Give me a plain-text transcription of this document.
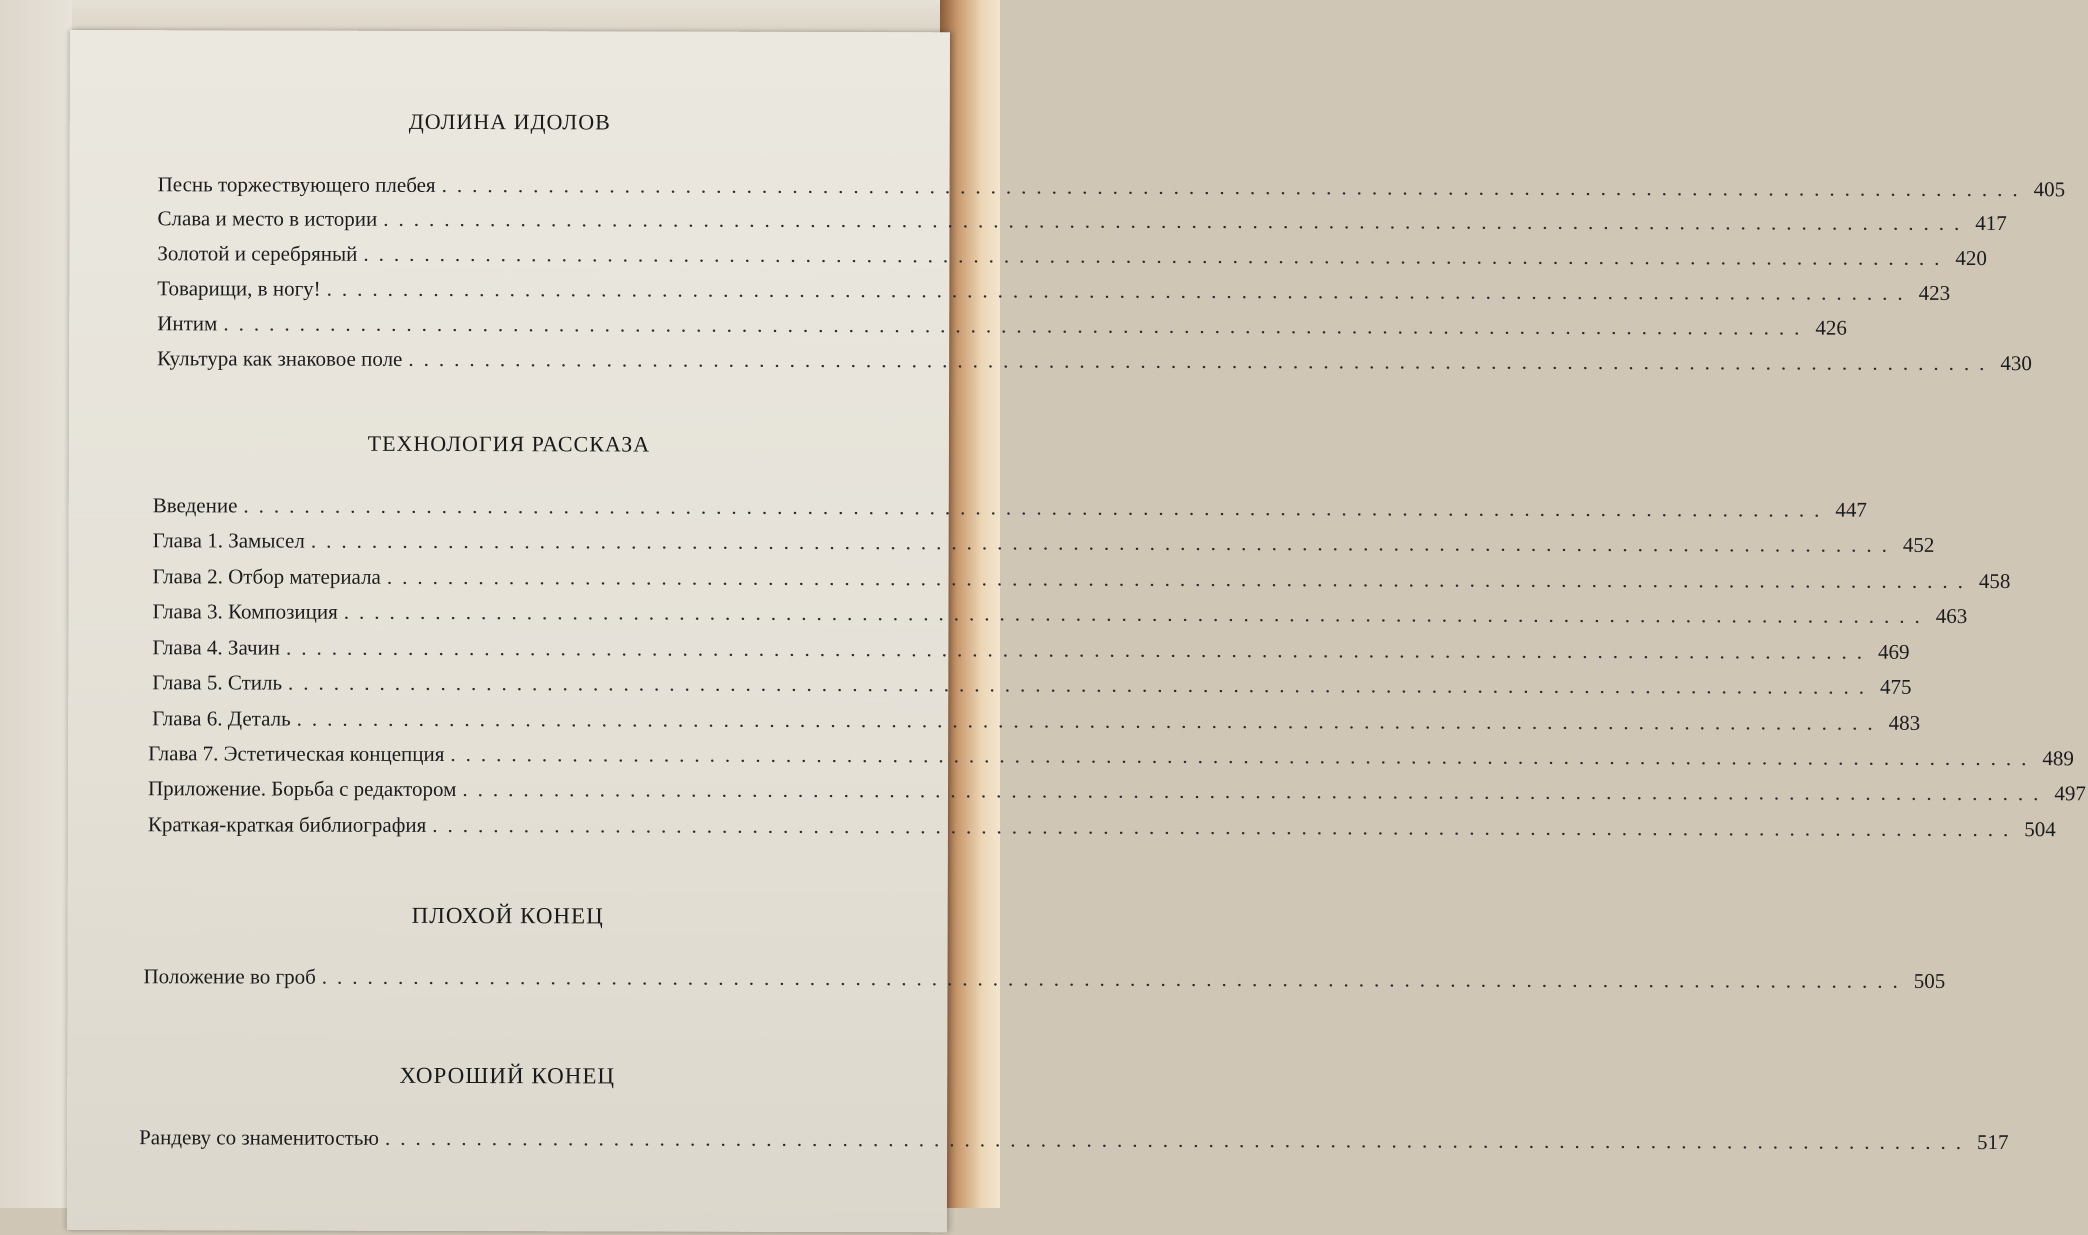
ДОЛИНА ИДОЛОВ
Песнь торжествующего плебея ........................................................................................................ 405
Слава и место в истории ........................................................................................................ 417
Золотой и серебряный ........................................................................................................ 420
Товарищи, в ногу! ........................................................................................................ 423
Интим ........................................................................................................ 426
Культура как знаковое поле ........................................................................................................ 430
ТЕХНОЛОГИЯ РАССКАЗА
Введение ........................................................................................................ 447
Глава 1. Замысел ........................................................................................................ 452
Глава 2. Отбор материала ........................................................................................................ 458
Глава 3. Композиция ........................................................................................................ 463
Глава 4. Зачин ........................................................................................................ 469
Глава 5. Стиль ........................................................................................................ 475
Глава 6. Деталь ........................................................................................................ 483
Глава 7. Эстетическая концепция ........................................................................................................ 489
Приложение. Борьба с редактором ........................................................................................................ 497
Краткая-краткая библиография ........................................................................................................ 504
ПЛОХОЙ КОНЕЦ
Положение во гроб ........................................................................................................ 505
ХОРОШИЙ КОНЕЦ
Рандеву со знаменитостью ........................................................................................................ 517
